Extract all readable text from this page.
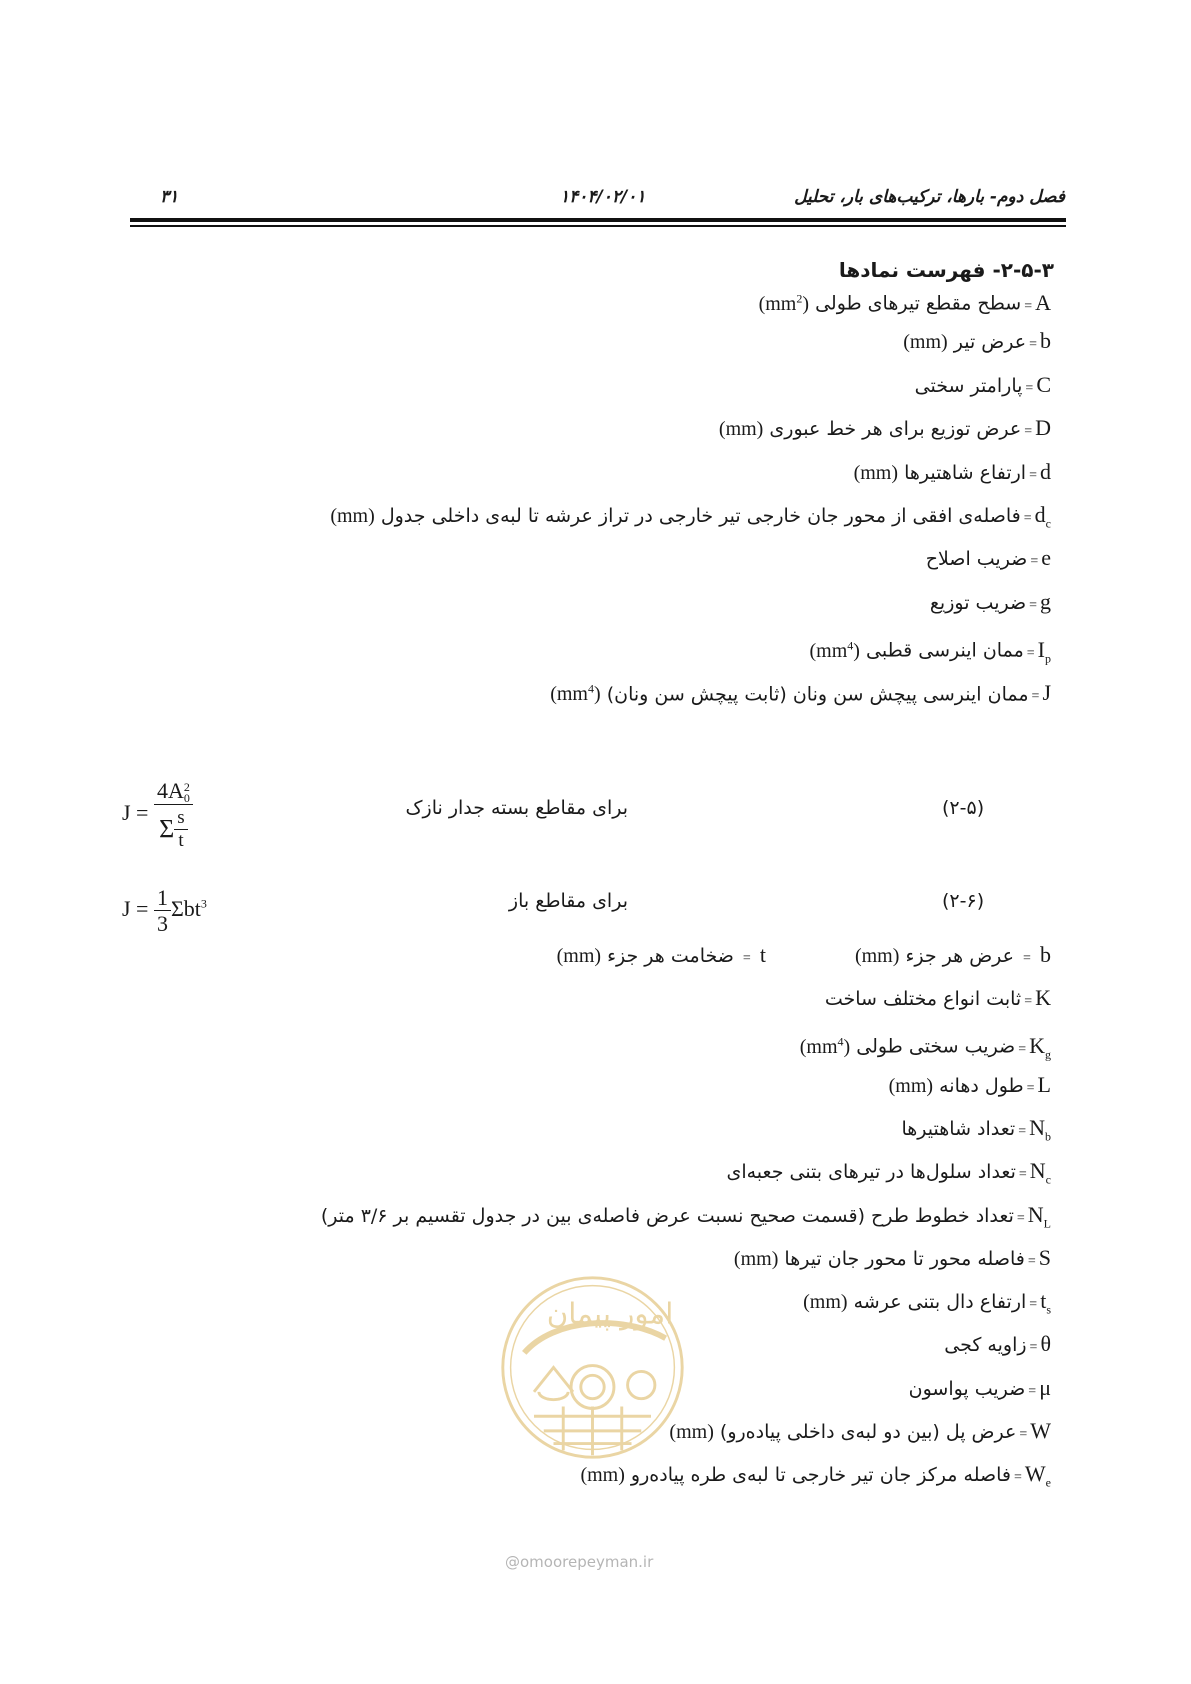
۳۱	۱۴۰۴/۰۲/۰۱	فصل دوم- بارها، ترکیب‌های بار، تحلیل
۲-۵-۳- فهرست نمادها
A=سطح مقطع تیرهای طولی $(mm^2)$
b=عرض تیر (mm)
C=پارامتر سختی
D=عرض توزیع برای هر خط عبوری (mm)
d=ارتفاع شاهتیرها (mm)
$d_c=فاصله‌ی$ افقی از محور جان خارجی تیر خارجی در تراز عرشه تا لبه‌ی داخلی جدول (mm)
e=ضریب اصلاح
g=ضریب توزیع
$I_p=ممان$ اینرسی قطبی $(mm^4)$
J=ممان اینرسی پیچش سن ونان (ثابت پیچش سن ونان) $(mm^4)$
J = 4A 2
0
Σ $\frac{s}{t}$	برای مقاطع بسته جدار نازک	(۲-۵)
$J = \frac{1}{3} \Sigma bt^3$	برای مقاطع باز	(۲-۶)
b = عرض هر جزء (mm)
t = ضخامت هر جزء (mm)
K=ثابت انواع مختلف ساخت
$K_g=ضریب$ سختی طولی $(mm^4)$
L=طول دهانه (mm)
$N_b=تعداد$ شاهتیرها
$N_c=تعداد$ سلول‌ها در تیرهای بتنی جعبه‌ای
$N_L=تعداد$ خطوط طرح (قسمت صحیح نسبت عرض فاصله‌ی بین در جدول تقسیم بر ۳/۶ متر)
S=فاصله محور تا محور جان تیرها (mm)
$t_s=ارتفاع$ دال بتنی عرشه (mm)
θ=زاویه کجی
μ=ضریب پواسون
W=عرض پل (بین دو لبه‌ی داخلی پیاده‌رو) (mm)
$W_e=فاصله$ مرکز جان تیر خارجی تا لبه‌ی طره پیاده‌رو (mm)
امور پیمان
@omoorepeyman.ir
